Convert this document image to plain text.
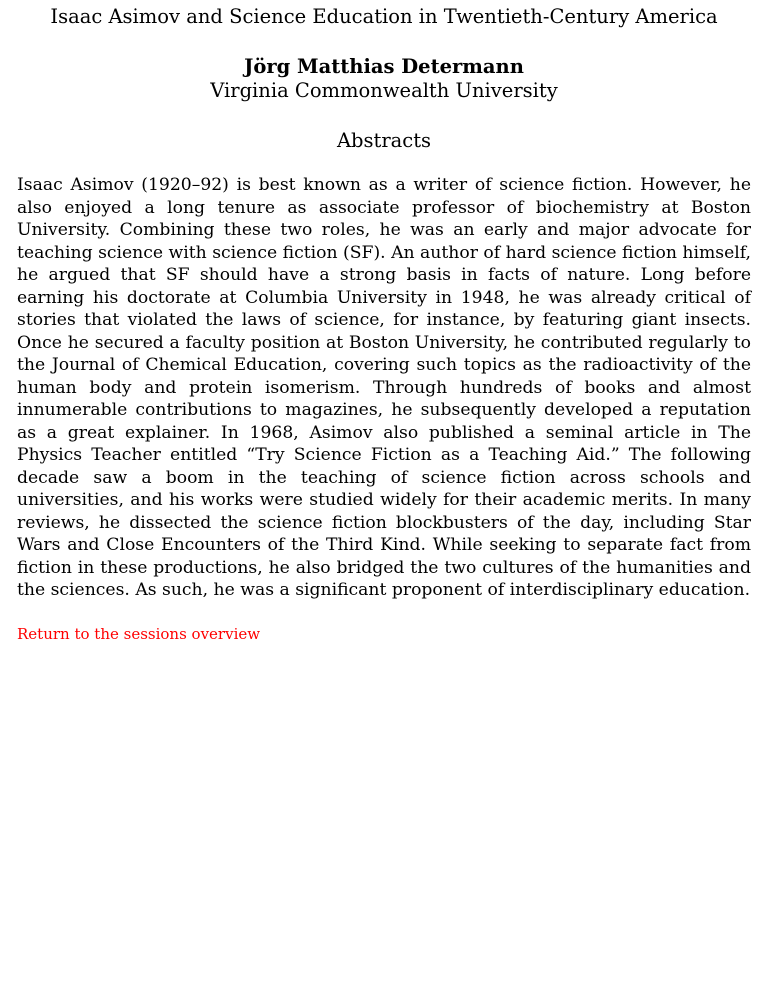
Isaac Asimov and Science Education in Twentieth-Century America
Jörg Matthias Determann
Virginia Commonwealth University
Abstracts

Isaac Asimov (1920–92) is best known as a writer of science fiction. However, he also enjoyed a long tenure as associate professor of biochemistry at Boston University. Combining these two roles, he was an early and major advocate for teaching science with science fiction (SF). An author of hard science fiction himself, he argued that SF should have a strong basis in facts of nature. Long before earning his doctorate at Columbia University in 1948, he was already critical of stories that violated the laws of science, for instance, by featuring giant insects. Once he secured a faculty position at Boston University, he contributed regularly to the Journal of Chemical Education, covering such topics as the radioactivity of the human body and protein isomerism. Through hundreds of books and almost innumerable contributions to magazines, he subsequently developed a reputation as a great explainer. In 1968, Asimov also published a seminal article in The Physics Teacher entitled “Try Science Fiction as a Teaching Aid.” The following decade saw a boom in the teaching of science fiction across schools and universities, and his works were studied widely for their academic merits. In many reviews, he dissected the science fiction blockbusters of the day, including Star Wars and Close Encounters of the Third Kind. While seeking to separate fact from fiction in these productions, he also bridged the two cultures of the humanities and the sciences. As such, he was a significant proponent of interdisciplinary education.

Return to the sessions overview
